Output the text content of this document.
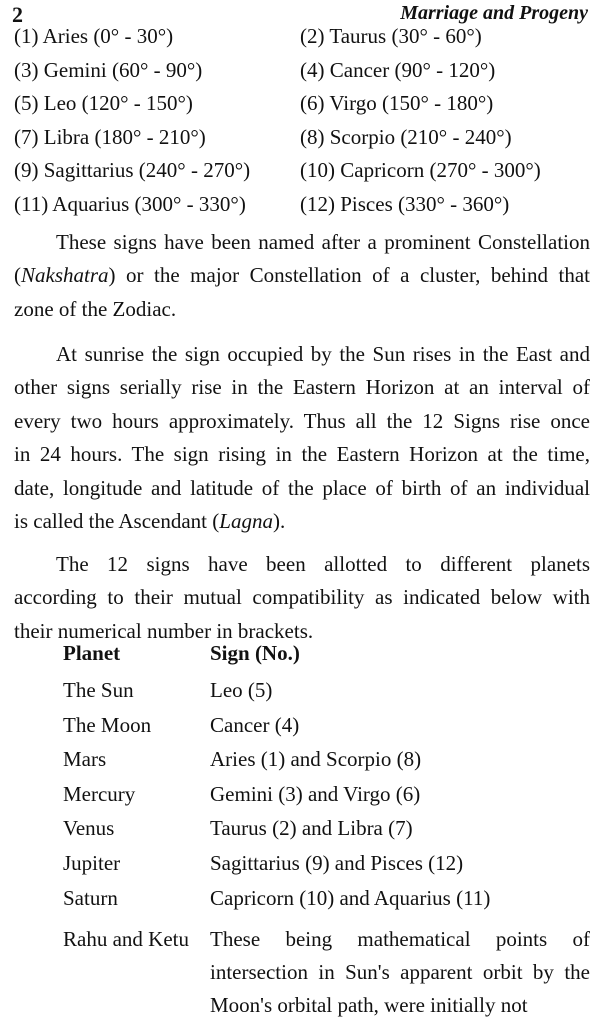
2	Marriage and Progeny
(1) Aries (0° - 30°)	(2) Taurus (30° - 60°)
(3) Gemini (60° - 90°)	(4) Cancer (90° - 120°)
(5) Leo (120° - 150°)	(6) Virgo (150° - 180°)
(7) Libra (180° - 210°)	(8) Scorpio (210° - 240°)
(9) Sagittarius (240° - 270°) (10) Capricorn (270° - 300°)
(11) Aquarius (300° - 330°)	(12) Pisces (330° - 360°)
These signs have been named after a prominent Constellation
(Nakshatra) or the major Constellation of a cluster, behind that
zone of the Zodiac.
At sunrise the sign occupied by the Sun rises in the East and
other signs serially rise in the Eastern Horizon at an interval of
every two hours approximately. Thus all the 12 Signs rise once
in 24 hours. The sign rising in the Eastern Horizon at the time,
date, longitude and latitude of the place of birth of an individual
is called the Ascendant (Lagna).
The 12 signs have been allotted to different planets
according to their mutual compatibility as indicated below with
their numerical number in brackets.
Planet	Sign (No.)
The Sun	Leo (5)
The Moon	Cancer (4)
Mars	Aries (1) and Scorpio (8)
Mercury	Gemini (3) and Virgo (6)
Venus	Taurus (2) and Libra (7)
Jupiter	Sagittarius (9) and Pisces (12)
Saturn	Capricorn (10) and Aquarius (11)
Rahu and Ketu These being mathematical points of
intersection in Sun's apparent orbit by the
Moon's orbital path, were initially not
